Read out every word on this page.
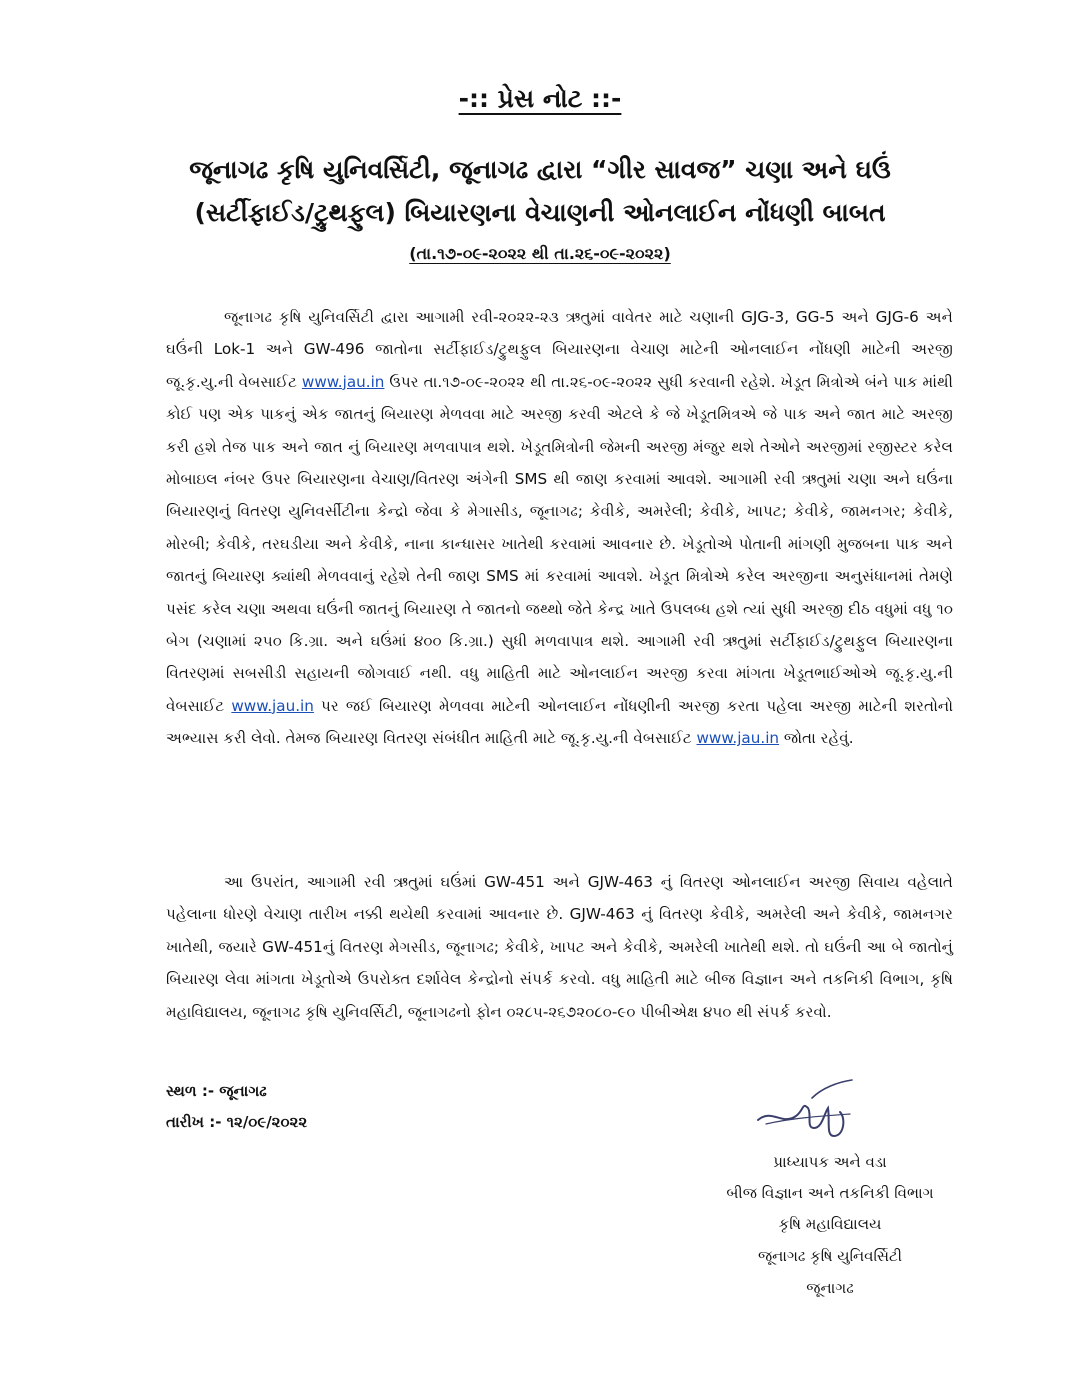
-:: પ્રેસ નોટ ::-
જૂનાગઢ કૃષિ યુનિવર્સિટી, જૂનાગઢ દ્વારા “ગીર સાવજ” ચણા અને ઘઉં
(સર્ટીફાઈડ/ટ્રુથફુલ) બિયારણના વેચાણની ઓનલાઈન નોંધણી બાબત
(તા.૧૭-૦૯-૨૦૨૨ થી તા.૨૬-૦૯-૨૦૨૨)

જૂનાગઢ કૃષિ યુનિવર્સિટી દ્વારા આગામી રવી-૨૦૨૨-૨૩ ઋતુમાં વાવેતર માટે ચણાની GJG-3, GG-5 અને GJG-6 અને ઘઉંની Lok-1 અને GW-496 જાતોના સર્ટીફાઈડ/ટ્રુથફુલ બિયારણના વેચાણ માટેની ઓનલાઈન નોંધણી માટેની અરજી જૂ.કૃ.યુ.ની વેબસાઈટ www.jau.in ઉપર તા.૧૭-૦૯-૨૦૨૨ થી તા.૨૬-૦૯-૨૦૨૨ સુધી કરવાની રહેશે. ખેડૂત મિત્રોએ બંને પાક માંથી કોઈ પણ એક પાકનું એક જાતનું બિયારણ મેળવવા માટે અરજી કરવી એટલે કે જે ખેડૂતમિત્રએ જે પાક અને જાત માટે અરજી કરી હશે તેજ પાક અને જાત નું બિયારણ મળવાપાત્ર થશે. ખેડૂતમિત્રોની જેમની અરજી મંજુર થશે તેઓને અરજીમાં રજીસ્ટર કરેલ મોબાઇલ નંબર ઉપર બિયારણના વેચાણ/વિતરણ અંગેની SMS થી જાણ કરવામાં આવશે. આગામી રવી ઋતુમાં ચણા અને ઘઉંના બિયારણનું વિતરણ યુનિવર્સીટીના કેન્દ્રો જેવા કે મેગાસીડ, જૂનાગઢ; કેવીકે, અમરેલી; કેવીકે, ખાપટ; કેવીકે, જામનગર; કેવીકે, મોરબી; કેવીકે, તરઘડીયા અને કેવીકે, નાના કાન્ધાસર ખાતેથી કરવામાં આવનાર છે. ખેડૂતોએ પોતાની માંગણી મુજબના પાક અને જાતનું બિયારણ ક્યાંથી મેળવવાનું રહેશે તેની જાણ SMS માં કરવામાં આવશે. ખેડૂત મિત્રોએ કરેલ અરજીના અનુસંધાનમાં તેમણે પસંદ કરેલ ચણા અથવા ઘઉંની જાતનું બિયારણ તે જાતનો જથ્થો જેતે કેન્દ્ર ખાતે ઉપલબ્ધ હશે ત્યાં સુધી અરજી દીઠ વધુમાં વધુ ૧૦ બેગ (ચણામાં ૨૫૦ કિ.ગ્રા. અને ઘઉંમાં ૪૦૦ કિ.ગ્રા.) સુધી મળવાપાત્ર થશે. આગામી રવી ઋતુમાં સર્ટીફાઈડ/ટ્રુથફુલ બિયારણના વિતરણમાં સબસીડી સહાયની જોગવાઈ નથી. વધુ માહિતી માટે ઓનલાઈન અરજી કરવા માંગતા ખેડૂતભાઈઓએ જૂ.કૃ.યુ.ની વેબસાઈટ www.jau.in પર જઈ બિયારણ મેળવવા માટેની ઓનલાઈન નોંધણીની અરજી કરતા પહેલા અરજી માટેની શરતોનો અભ્યાસ કરી લેવો. તેમજ બિયારણ વિતરણ સંબંધીત માહિતી માટે જૂ.કૃ.યુ.ની વેબસાઈટ www.jau.in જોતા રહેવું.

આ ઉપરાંત, આગામી રવી ઋતુમાં ઘઉંમાં GW-451 અને GJW-463 નું વિતરણ ઓનલાઈન અરજી સિવાય વહેલાતે પહેલાના ધોરણે વેચાણ તારીખ નક્કી થયેથી કરવામાં આવનાર છે. GJW-463 નું વિતરણ કેવીકે, અમરેલી અને કેવીકે, જામનગર ખાતેથી, જયારે GW-451નું વિતરણ મેગસીડ, જૂનાગઢ; કેવીકે, ખાપટ અને કેવીકે, અમરેલી ખાતેથી થશે. તો ઘઉંની આ બે જાતોનું બિયારણ લેવા માંગતા ખેડૂતોએ ઉપરોક્ત દર્શાવેલ કેન્દ્રોનો સંપર્ક કરવો. વધુ માહિતી માટે બીજ વિજ્ઞાન અને તકનિકી વિભાગ, કૃષિ મહાવિદ્યાલય, જૂનાગઢ કૃષિ યુનિવર્સિટી, જૂનાગઢનો ફોન ૦૨૮૫-૨૬૭૨૦૮૦-૯૦ પીબીએક્ષ ૪૫૦ થી સંપર્ક કરવો.

સ્થળ :- જૂનાગઢ
તારીખ :- ૧૨/૦૯/૨૦૨૨
પ્રાધ્યાપક અને વડા
બીજ વિજ્ઞાન અને તકનિકી વિભાગ
કૃષિ મહાવિદ્યાલય
જૂનાગઢ કૃષિ યુનિવર્સિટી
જૂનાગઢ
